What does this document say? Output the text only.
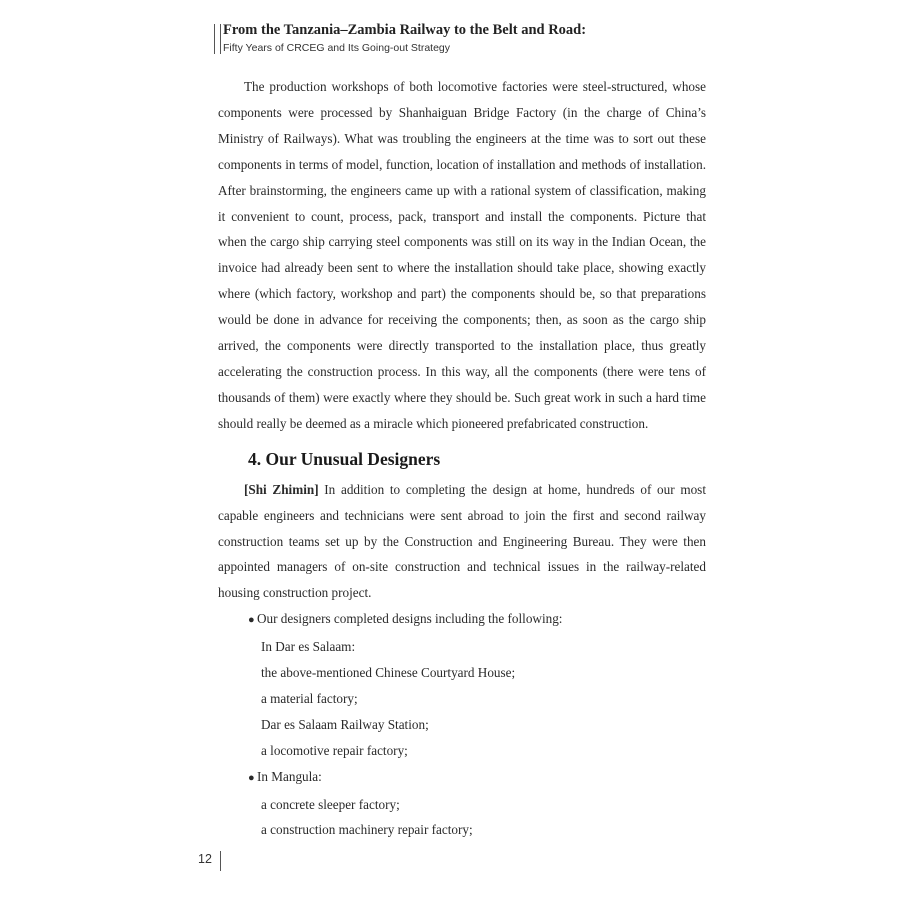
From the Tanzania–Zambia Railway to the Belt and Road:
Fifty Years of CRCEG and Its Going-out Strategy

The production workshops of both locomotive factories were steel-structured, whose components were processed by Shanhaiguan Bridge Factory (in the charge of China’s Ministry of Railways). What was troubling the engineers at the time was to sort out these components in terms of model, function, location of installation and methods of installation. After brainstorming, the engineers came up with a rational system of classification, making it convenient to count, process, pack, transport and install the components. Picture that when the cargo ship carrying steel components was still on its way in the Indian Ocean, the invoice had already been sent to where the installation should take place, showing exactly where (which factory, workshop and part) the components should be, so that preparations would be done in advance for receiving the components; then, as soon as the cargo ship arrived, the components were directly transported to the installation place, thus greatly accelerating the construction process. In this way, all the components (there were tens of thousands of them) were exactly where they should be. Such great work in such a hard time should really be deemed as a miracle which pioneered prefabricated construction.

4. Our Unusual Designers

[Shi Zhimin] In addition to completing the design at home, hundreds of our most capable engineers and technicians were sent abroad to join the first and second railway construction teams set up by the Construction and Engineering Bureau. They were then appointed managers of on-site construction and technical issues in the railway-related housing construction project.

● Our designers completed designs including the following:
In Dar es Salaam:
the above-mentioned Chinese Courtyard House;
a material factory;
Dar es Salaam Railway Station;
a locomotive repair factory;
● In Mangula:
a concrete sleeper factory;
a construction machinery repair factory;
12
